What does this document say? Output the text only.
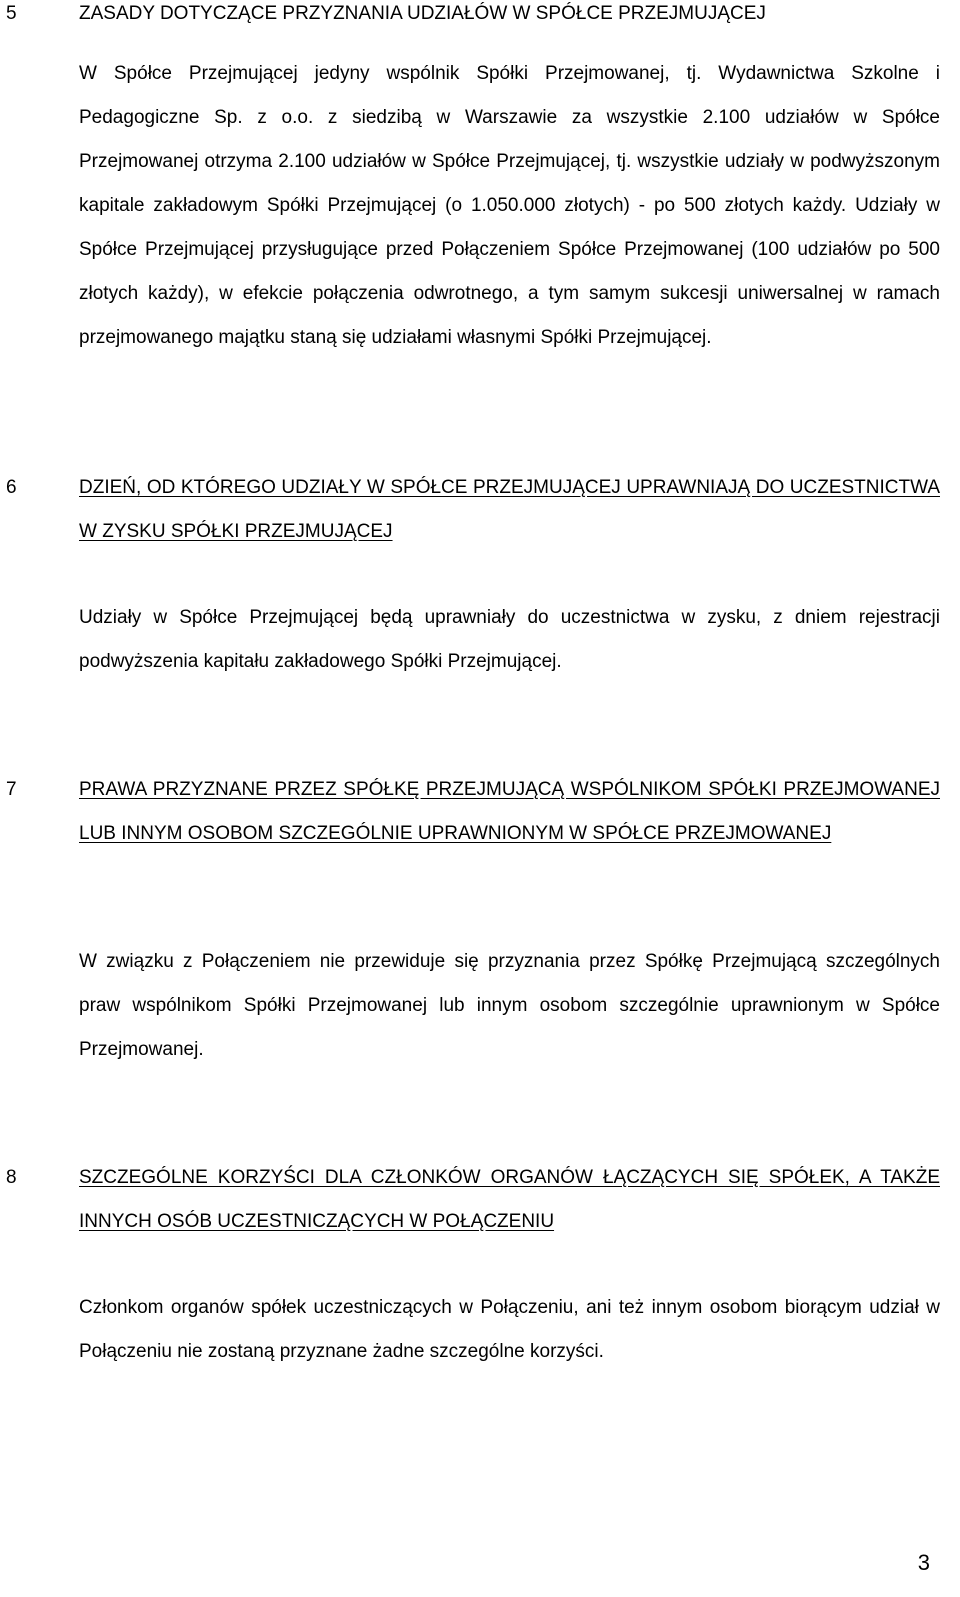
5	ZASADY DOTYCZĄCE PRZYZNANIA UDZIAŁÓW W SPÓŁCE PRZEJMUJĄCEJ
W Spółce Przejmującej jedyny wspólnik Spółki Przejmowanej, tj. Wydawnictwa Szkolne i Pedagogiczne Sp. z o.o. z siedzibą w Warszawie za wszystkie 2.100 udziałów w Spółce Przejmowanej otrzyma 2.100 udziałów w Spółce Przejmującej, tj. wszystkie udziały w podwyższonym kapitale zakładowym Spółki Przejmującej (o 1.050.000 złotych) - po 500 złotych każdy. Udziały w Spółce Przejmującej przysługujące przed Połączeniem Spółce Przejmowanej (100 udziałów po 500 złotych każdy), w efekcie połączenia odwrotnego, a tym samym sukcesji uniwersalnej w ramach przejmowanego majątku staną się udziałami własnymi Spółki Przejmującej.
6	DZIEŃ, OD KTÓREGO UDZIAŁY W SPÓŁCE PRZEJMUJĄCEJ UPRAWNIAJĄ DO UCZESTNICTWA W ZYSKU SPÓŁKI PRZEJMUJĄCEJ
Udziały w Spółce Przejmującej będą uprawniały do uczestnictwa w zysku, z dniem rejestracji podwyższenia kapitału zakładowego Spółki Przejmującej.
7	PRAWA PRZYZNANE PRZEZ SPÓŁKĘ PRZEJMUJĄCĄ WSPÓLNIKOM SPÓŁKI PRZEJMOWANEJ LUB INNYM OSOBOM SZCZEGÓLNIE UPRAWNIONYM W SPÓŁCE PRZEJMOWANEJ
W związku z Połączeniem nie przewiduje się przyznania przez Spółkę Przejmującą szczególnych praw wspólnikom Spółki Przejmowanej lub innym osobom szczególnie uprawnionym w Spółce Przejmowanej.
8	SZCZEGÓLNE KORZYŚCI DLA CZŁONKÓW ORGANÓW ŁĄCZĄCYCH SIĘ SPÓŁEK, A TAKŻE INNYCH OSÓB UCZESTNICZĄCYCH W POŁĄCZENIU
Członkom organów spółek uczestniczących w Połączeniu, ani też innym osobom biorącym udział w Połączeniu nie zostaną przyznane żadne szczególne korzyści.
3
